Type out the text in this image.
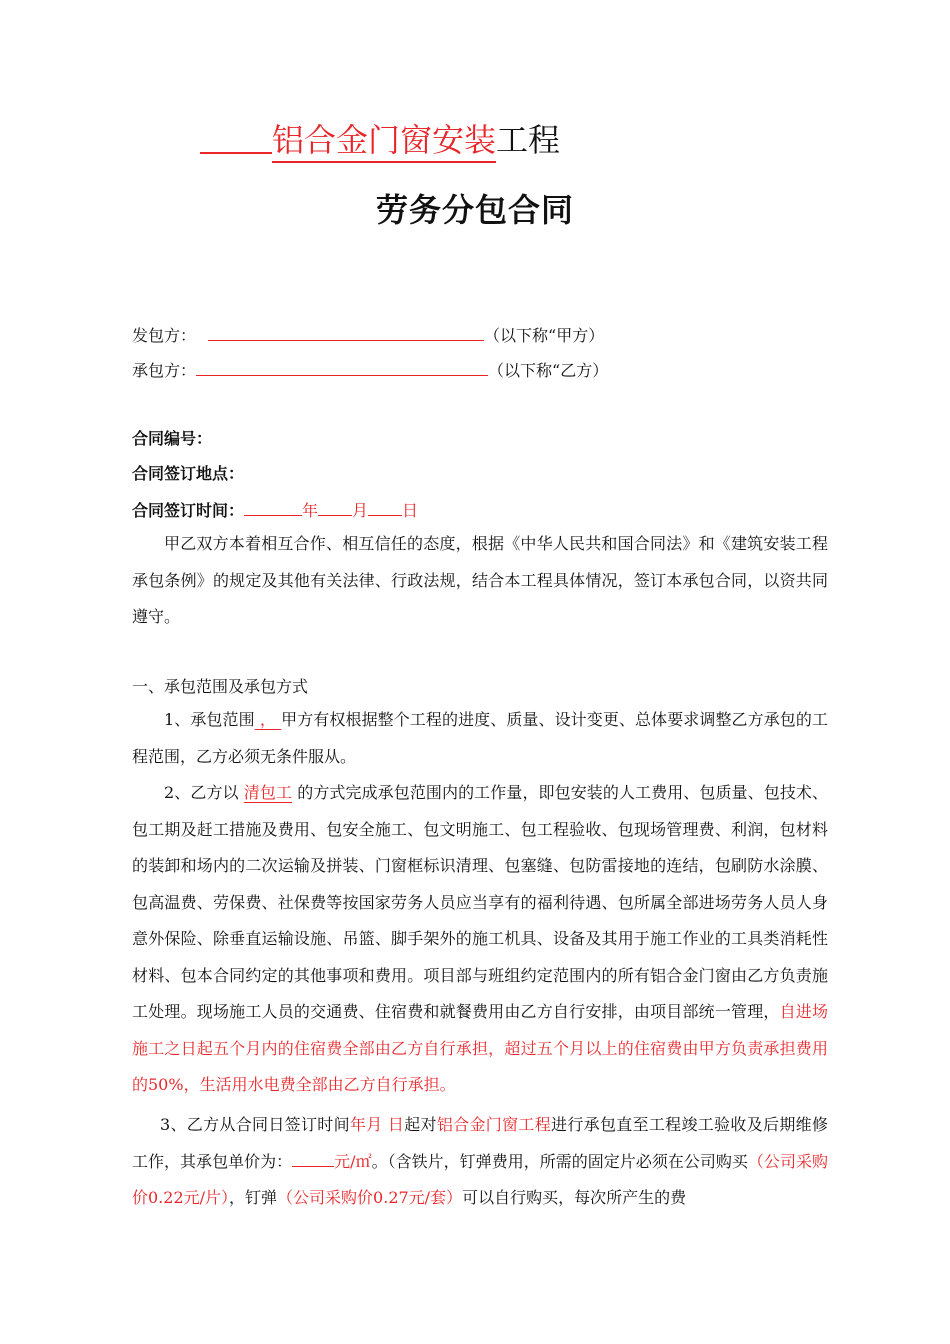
铝合金门窗安装工程
劳务分包合同
发包方：	（以下称“甲方）
承包方：	（以下称“乙方）
合同编号：
合同签订地点：
合同签订时间：	年 月 日
甲乙双方本着相互合作、相互信任的态度，根据《中华人民共和国合同法》和《建筑安装工程承包条例》的规定及其他有关法律、行政法规，结合本工程具体情况，签订本承包合同，以资共同遵守。
一、承包范围及承包方式
1、承包范围 ， 甲方有权根据整个工程的进度、质量、设计变更、总体要求调整乙方承包的工程范围，乙方必须无条件服从。
2、乙方以 清包工 的方式完成承包范围内的工作量，即包安装的人工费用、包质量、包技术、包工期及赶工措施及费用、包安全施工、包文明施工、包工程验收、包现场管理费、利润，包材料的装卸和场内的二次运输及拼装、门窗框标识清理、包塞缝、包防雷接地的连结，包刷防水涂膜、包高温费、劳保费、社保费等按国家劳务人员应当享有的福利待遇、包所属全部进场劳务人员人身意外保险、除垂直运输设施、吊篮、脚手架外的施工机具、设备及其用于施工作业的工具类消耗性材料、包本合同约定的其他事项和费用。项目部与班组约定范围内的所有铝合金门窗由乙方负责施工处理。现场施工人员的交通费、住宿费和就餐费用由乙方自行安排，由项目部统一管理，自进场施工之日起五个月内的住宿费全部由乙方自行承担，超过五个月以上的住宿费由甲方负责承担费用的50%，生活用水电费全部由乙方自行承担。
3、乙方从合同日签订时间年月 日起对铝合金门窗工程进行承包直至工程竣工验收及后期维修工作，其承包单价为：	元/㎡。（含铁片，钉弹费用，所需的固定片必须在公司购买（公司采购价0.22元/片），钉弹（公司采购价0.27元/套）可以自行购买，每次所产生的费
